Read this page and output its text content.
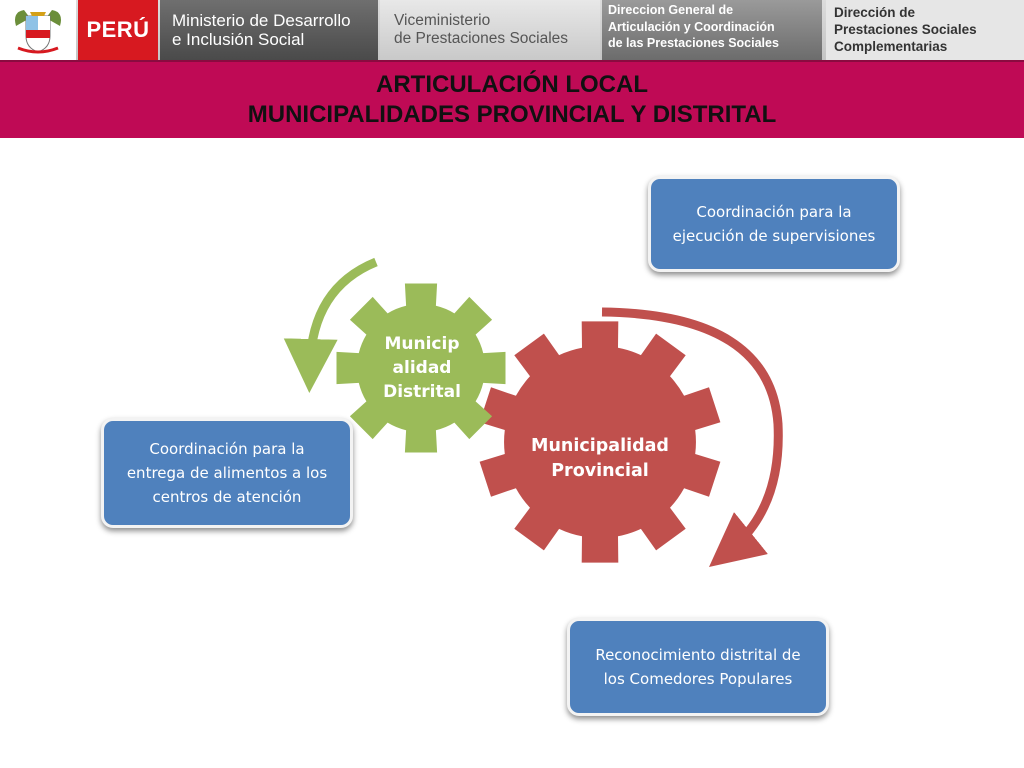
PERÚ	Ministerio de Desarrollo
e Inclusión Social
Viceministerio
de Prestaciones Sociales
Direccion General de
Articulación y Coordinación
de las Prestaciones Sociales
Dirección de
Prestaciones Sociales
Complementarias
ARTICULACIÓN LOCAL
MUNICIPALIDADES PROVINCIAL Y DISTRITAL
Municip
alidad
Distrital
Municipalidad
Provincial
Coordinación para la
ejecución de supervisiones
Coordinación para la
entrega de alimentos a los
centros de atención
Reconocimiento distrital de
los Comedores Populares
